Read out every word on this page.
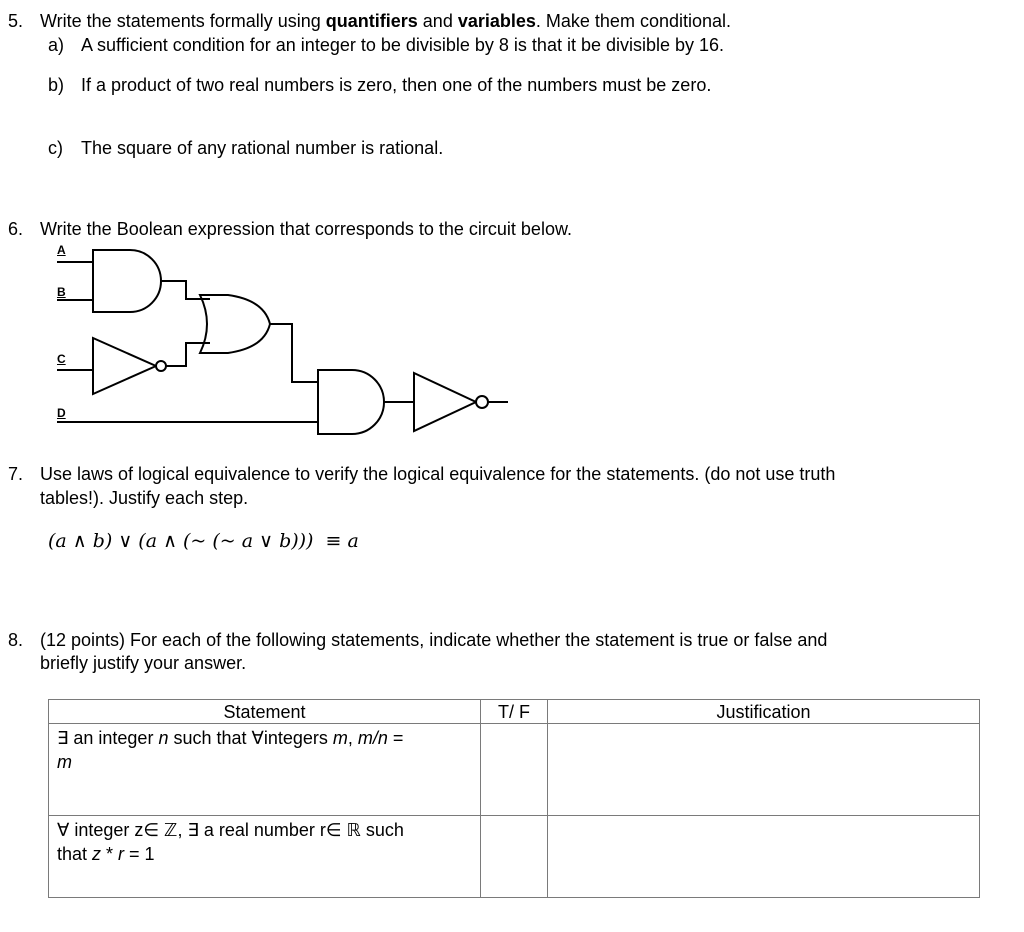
5. Write the statements formally using quantifiers and variables. Make them conditional.
a) A sufficient condition for an integer to be divisible by 8 is that it be divisible by 16.
b) If a product of two real numbers is zero, then one of the numbers must be zero.
c) The square of any rational number is rational.
6. Write the Boolean expression that corresponds to the circuit below.
A
B
C
D
7. Use laws of logical equivalence to verify the logical equivalence for the statements. (do not use truth
tables!). Justify each step.
(a ∧ b) ∨ (a ∧ (~ (~ a ∨ b)))  ≡ a
8. (12 points) For each of the following statements, indicate whether the statement is true or false and
briefly justify your answer.
Statement	T/ F	Justification
∃ an integer n such that ∀integers m, m/n =
m		
∀ integer z∈ ℤ, ∃ a real number r∈ ℝ such
that z * r = 1		
